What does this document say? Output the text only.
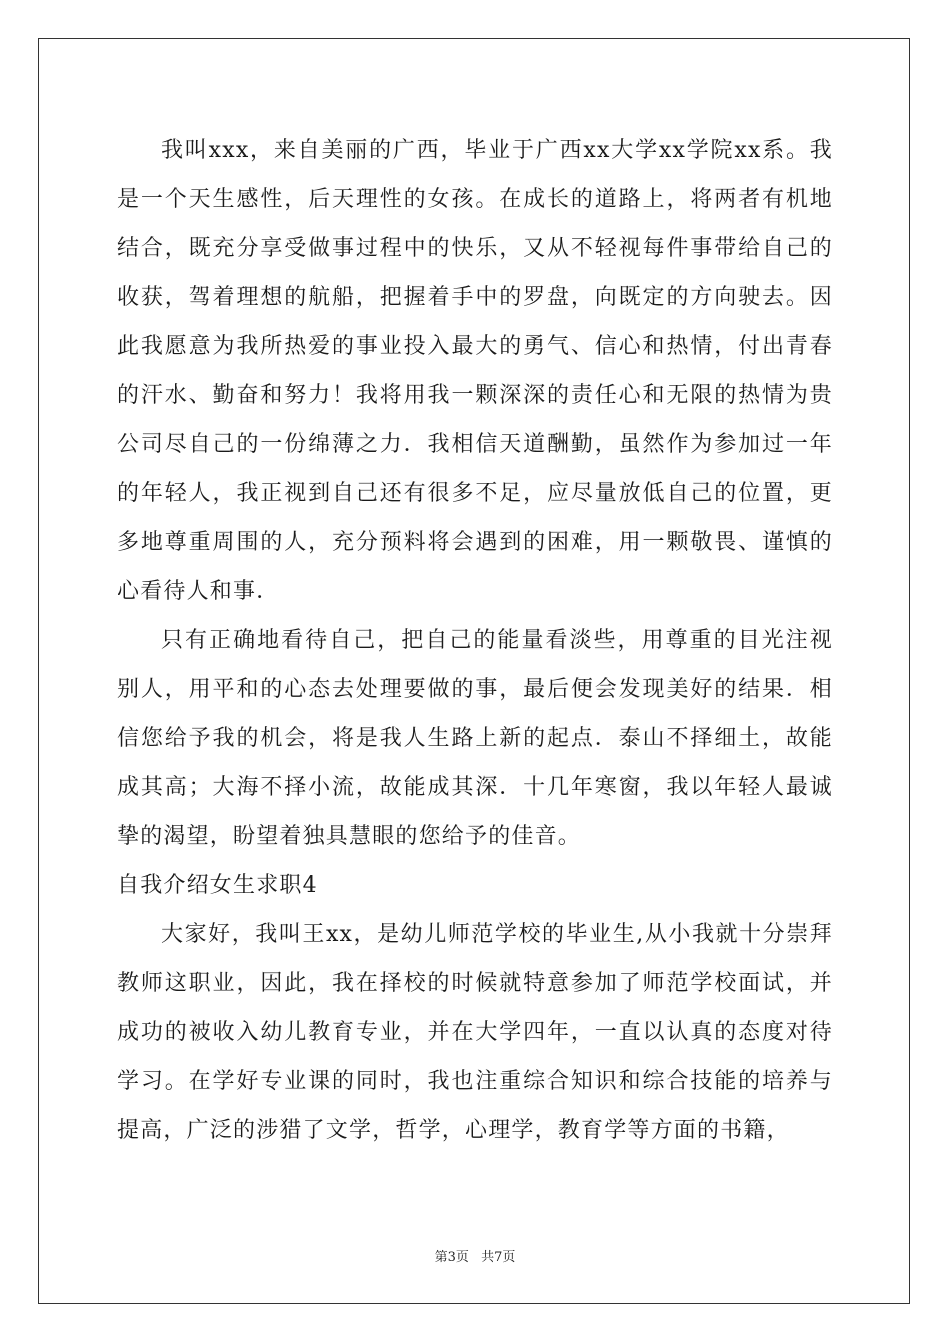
我叫xxx，来自美丽的广西，毕业于广西xx大学xx学院xx系。我是一个天生感性，后天理性的女孩。在成长的道路上，将两者有机地结合，既充分享受做事过程中的快乐，又从不轻视每件事带给自己的收获，驾着理想的航船，把握着手中的罗盘，向既定的方向驶去。因此我愿意为我所热爱的事业投入最大的勇气、信心和热情，付出青春的汗水、勤奋和努力！我将用我一颗深深的责任心和无限的热情为贵公司尽自己的一份绵薄之力．我相信天道酬勤，虽然作为参加过一年的年轻人，我正视到自己还有很多不足，应尽量放低自己的位置，更多地尊重周围的人，充分预料将会遇到的困难，用一颗敬畏、谨慎的心看待人和事．

只有正确地看待自己，把自己的能量看淡些，用尊重的目光注视别人，用平和的心态去处理要做的事，最后便会发现美好的结果．相信您给予我的机会，将是我人生路上新的起点．泰山不择细土，故能成其高；大海不择小流，故能成其深．十几年寒窗，我以年轻人最诚挚的渴望，盼望着独具慧眼的您给予的佳音。

自我介绍女生求职4

大家好，我叫王xx，是幼儿师范学校的毕业生,从小我就十分崇拜教师这职业，因此，我在择校的时候就特意参加了师范学校面试，并成功的被收入幼儿教育专业，并在大学四年，一直以认真的态度对待学习。在学好专业课的同时，我也注重综合知识和综合技能的培养与提高，广泛的涉猎了文学，哲学，心理学，教育学等方面的书籍，

第3页 共7页
